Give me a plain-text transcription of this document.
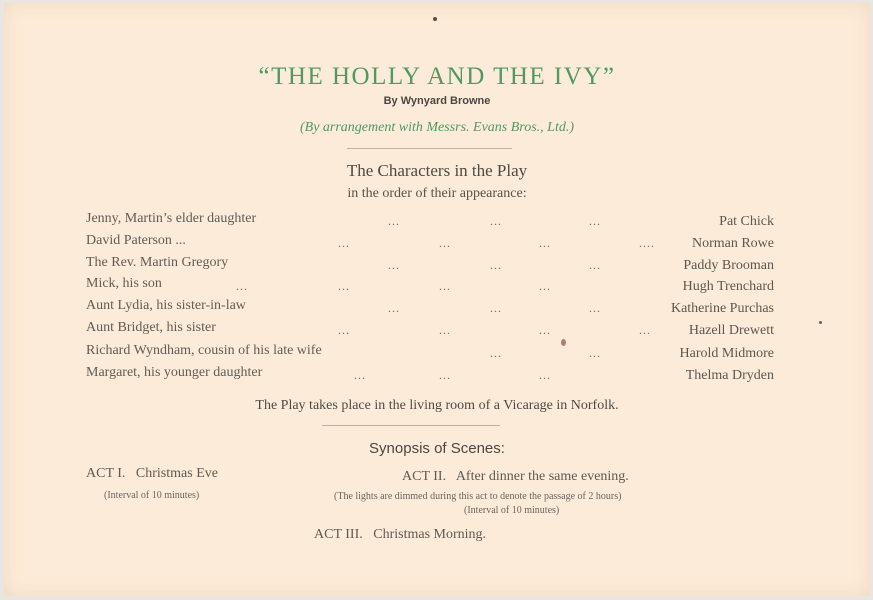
“THE HOLLY AND THE IVY”
By Wynyard Browne
(By arrangement with Messrs. Evans Bros., Ltd.)
The Characters in the Play
in the order of their appearance:
Jenny, Martin’s elder daughter	...	...	...	Pat Chick
David Paterson ...	...	...	...	....	Norman Rowe
The Rev. Martin Gregory	...	...	...	Paddy Brooman
Mick, his son	...	...	...	...	Hugh Trenchard
Aunt Lydia, his sister-in-law	...	...	...	Katherine Purchas
Aunt Bridget, his sister	...	...	...	...	Hazell Drewett
Richard Wyndham, cousin of his late wife	...	...	Harold Midmore
Margaret, his younger daughter	...	...	...	Thelma Dryden
The Play takes place in the living room of a Vicarage in Norfolk.
Synopsis of Scenes:
ACT I. Christmas Eve
(Interval of 10 minutes)
ACT II. After dinner the same evening.
(The lights are dimmed during this act to denote the passage of 2 hours)
(Interval of 10 minutes)
ACT III. Christmas Morning.
